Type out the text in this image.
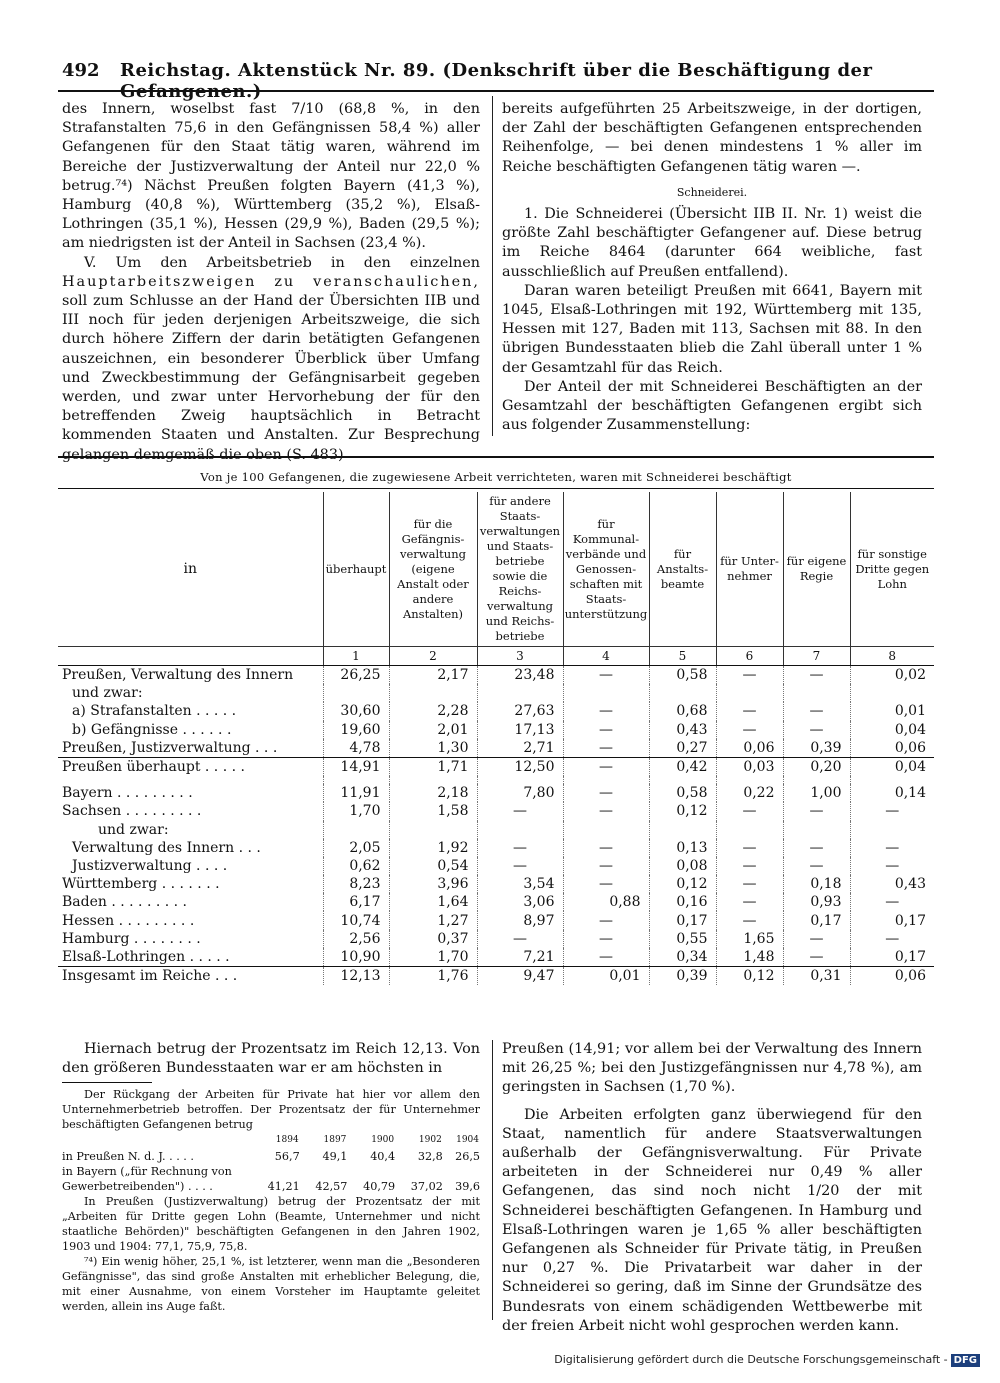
492 Reichstag. Aktenstück Nr. 89. (Denkschrift über die Beschäftigung der Gefangenen.)

des Innern, woselbst fast 7/10 (68,8 %, in den Strafanstalten 75,6 in den Gefängnissen 58,4 %) aller Gefangenen für den Staat tätig waren, während im Bereiche der Justizverwaltung der Anteil nur 22,0 % betrug.⁷⁴) Nächst Preußen folgten Bayern (41,3 %), Hamburg (40,8 %), Württemberg (35,2 %), Elsaß-Lothringen (35,1 %), Hessen (29,9 %), Baden (29,5 %); am niedrigsten ist der Anteil in Sachsen (23,4 %).

V. Um den Arbeitsbetrieb in den einzelnen Hauptarbeitszweigen zu veranschaulichen, soll zum Schlusse an der Hand der Übersichten IIB und III noch für jeden derjenigen Arbeitszweige, die sich durch höhere Ziffern der darin betätigten Gefangenen auszeichnen, ein besonderer Überblick über Umfang und Zweckbestimmung der Gefängnisarbeit gegeben werden, und zwar unter Hervorhebung der für den betreffenden Zweig hauptsächlich in Betracht kommenden Staaten und Anstalten. Zur Besprechung gelangen demgemäß die oben (S. 483)

bereits aufgeführten 25 Arbeitszweige, in der dortigen, der Zahl der beschäftigten Gefangenen entsprechenden Reihenfolge, — bei denen mindestens 1 % aller im Reiche beschäftigten Gefangenen tätig waren —.

Schneiderei.

1. Die Schneiderei (Übersicht IIB II. Nr. 1) weist die größte Zahl beschäftigter Gefangener auf. Diese betrug im Reiche 8464 (darunter 664 weibliche, fast ausschließlich auf Preußen entfallend).

Daran waren beteiligt Preußen mit 6641, Bayern mit 1045, Elsaß-Lothringen mit 192, Württemberg mit 135, Hessen mit 127, Baden mit 113, Sachsen mit 88. In den übrigen Bundesstaaten blieb die Zahl überall unter 1 % der Gesamtzahl für das Reich.

Der Anteil der mit Schneiderei Beschäftigten an der Gesamtzahl der beschäftigten Gefangenen ergibt sich aus folgender Zusammenstellung:

Von je 100 Gefangenen, die zugewiesene Arbeit verrichteten, waren mit Schneiderei beschäftigt
in	überhaupt	für die Gefängnis-verwaltung (eigene Anstalt oder andere Anstalten)	für andere Staats-verwaltungen und Staats-betriebe sowie die Reichs-verwaltung und Reichs-betriebe	für Kommunal-verbände und Genossen-schaften mit Staats-unterstützung	für Anstalts-beamte	für Unter-nehmer	für eigene Regie	für sonstige Dritte gegen Lohn
	1	2	3	4	5	6	7	8
Preußen, Verwaltung des Innern	26,25	2,17	23,48	—	0,58	—	—	0,02
und zwar:								
a) Strafanstalten . . . . .	30,60	2,28	27,63	—	0,68	—	—	0,01
b) Gefängnisse . . . . . .	19,60	2,01	17,13	—	0,43	—	—	0,04
Preußen, Justizverwaltung . . .	4,78	1,30	2,71	—	0,27	0,06	0,39	0,06
Preußen überhaupt . . . . .	14,91	1,71	12,50	—	0,42	0,03	0,20	0,04

Bayern . . . . . . . . .	11,91	2,18	7,80	—	0,58	0,22	1,00	0,14
Sachsen . . . . . . . . .	1,70	1,58	—	—	0,12	—	—	—
und zwar:								
Verwaltung des Innern . . .	2,05	1,92	—	—	0,13	—	—	—
Justizverwaltung . . . .	0,62	0,54	—	—	0,08	—	—	—
Württemberg . . . . . . .	8,23	3,96	3,54	—	0,12	—	0,18	0,43
Baden . . . . . . . . .	6,17	1,64	3,06	0,88	0,16	—	0,93	—
Hessen . . . . . . . . .	10,74	1,27	8,97	—	0,17	—	0,17	0,17
Hamburg . . . . . . . .	2,56	0,37	—	—	0,55	1,65	—	—
Elsaß-Lothringen . . . . .	10,90	1,70	7,21	—	0,34	1,48	—	0,17
Insgesamt im Reiche . . .	12,13	1,76	9,47	0,01	0,39	0,12	0,31	0,06

Hiernach betrug der Prozentsatz im Reich 12,13. Von den größeren Bundesstaaten war er am höchsten in

Der Rückgang der Arbeiten für Private hat hier vor allem den Unternehmerbetrieb betroffen. Der Prozentsatz der für Unternehmer beschäftigten Gefangenen betrug

	1894	1897	1900	1902	1904
in Preußen N. d. J. . . . .	56,7	49,1	40,4	32,8	26,5
in Bayern („für Rechnung von					
Gewerbetreibenden") . . . .	41,21	42,57	40,79	37,02	39,6

In Preußen (Justizverwaltung) betrug der Prozentsatz der mit „Arbeiten für Dritte gegen Lohn (Beamte, Unternehmer und nicht staatliche Behörden)" beschäftigten Gefangenen in den Jahren 1902, 1903 und 1904: 77,1, 75,9, 75,8.

⁷⁴) Ein wenig höher, 25,1 %, ist letzterer, wenn man die „Besonderen Gefängnisse", das sind große Anstalten mit erheblicher Belegung, die, mit einer Ausnahme, von einem Vorsteher im Hauptamte geleitet werden, allein ins Auge faßt.

Preußen (14,91; vor allem bei der Verwaltung des Innern mit 26,25 %; bei den Justizgefängnissen nur 4,78 %), am geringsten in Sachsen (1,70 %).

Die Arbeiten erfolgten ganz überwiegend für den Staat, namentlich für andere Staatsverwaltungen außerhalb der Gefängnisverwaltung. Für Private arbeiteten in der Schneiderei nur 0,49 % aller Gefangenen, das sind noch nicht 1/20 der mit Schneiderei beschäftigten Gefangenen. In Hamburg und Elsaß-Lothringen waren je 1,65 % aller beschäftigten Gefangenen als Schneider für Private tätig, in Preußen nur 0,27 %. Die Privatarbeit war daher in der Schneiderei so gering, daß im Sinne der Grundsätze des Bundesrats von einem schädigenden Wettbewerbe mit der freien Arbeit nicht wohl gesprochen werden kann.

Digitalisierung gefördert durch die Deutsche Forschungsgemeinschaft - DFG
